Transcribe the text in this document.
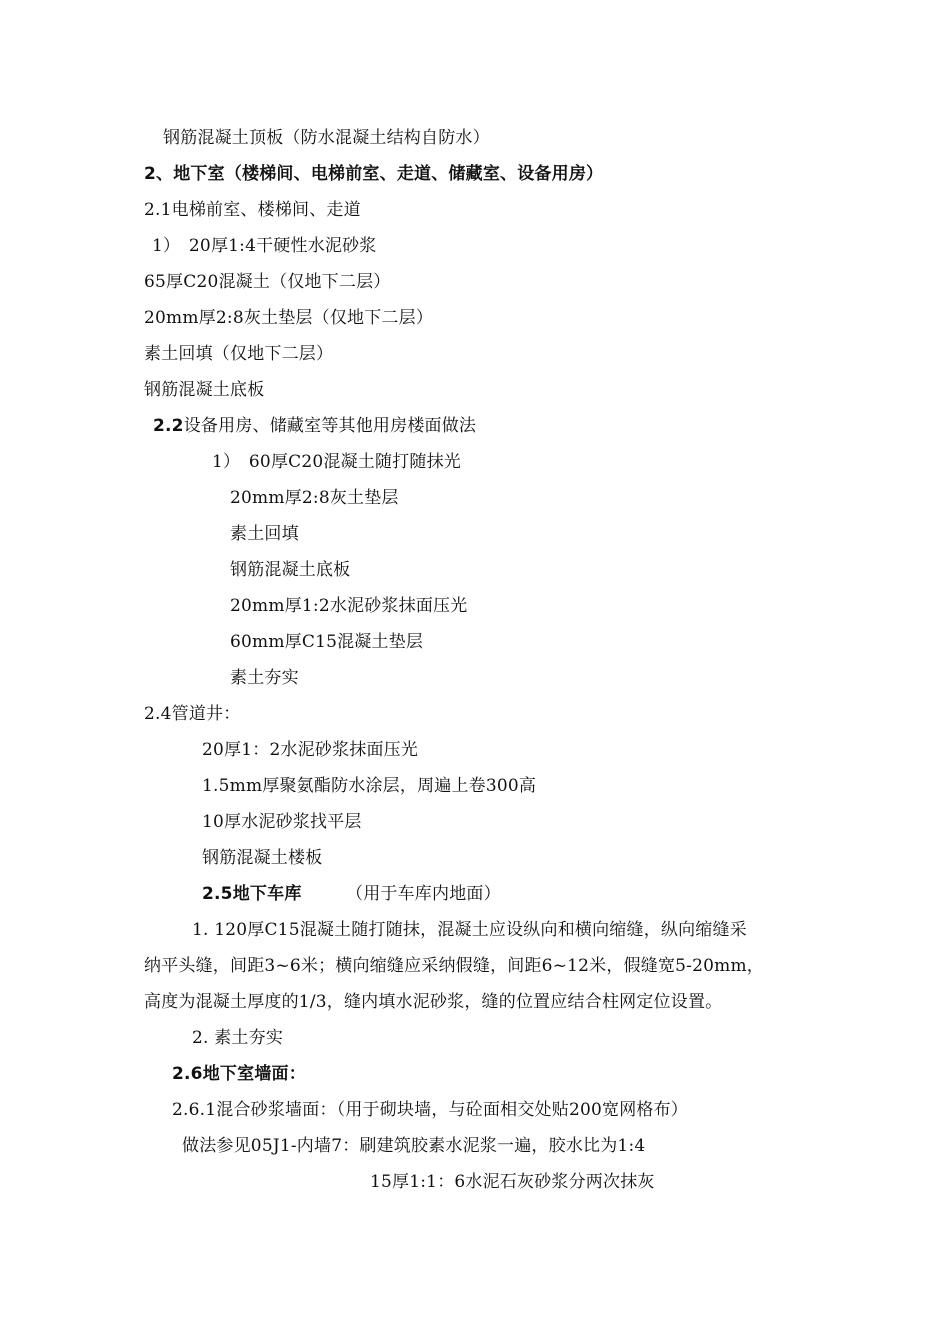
钢筋混凝土顶板（防水混凝土结构自防水）
2、地下室（楼梯间、电梯前室、走道、储藏室、设备用房）
2.1电梯前室、楼梯间、走道
1）　20厚1:4干硬性水泥砂浆
65厚C20混凝土（仅地下二层）
20mm厚2:8灰土垫层（仅地下二层）
素土回填（仅地下二层）
钢筋混凝土底板
2.2设备用房、储藏室等其他用房楼面做法
1）　60厚C20混凝土随打随抹光
20mm厚2:8灰土垫层
素土回填
钢筋混凝土底板
20mm厚1:2水泥砂浆抹面压光
60mm厚C15混凝土垫层
素土夯实
2.4管道井：
20厚1：2水泥砂浆抹面压光
1.5mm厚聚氨酯防水涂层，周遍上卷300高
10厚水泥砂浆找平层
钢筋混凝土楼板
2.5地下车库	（用于车库内地面）
1. 120厚C15混凝土随打随抹，混凝土应设纵向和横向缩缝，纵向缩缝采
纳平头缝，间距3~6米；横向缩缝应采纳假缝，间距6~12米，假缝宽5-20mm，
高度为混凝土厚度的1/3，缝内填水泥砂浆，缝的位置应结合柱网定位设置。
2. 素土夯实
2.6地下室墙面：
2.6.1混合砂浆墙面：（用于砌块墙，与砼面相交处贴200宽网格布）
做法参见05J1-内墙7：刷建筑胶素水泥浆一遍，胶水比为1:4
15厚1:1：6水泥石灰砂浆分两次抹灰
